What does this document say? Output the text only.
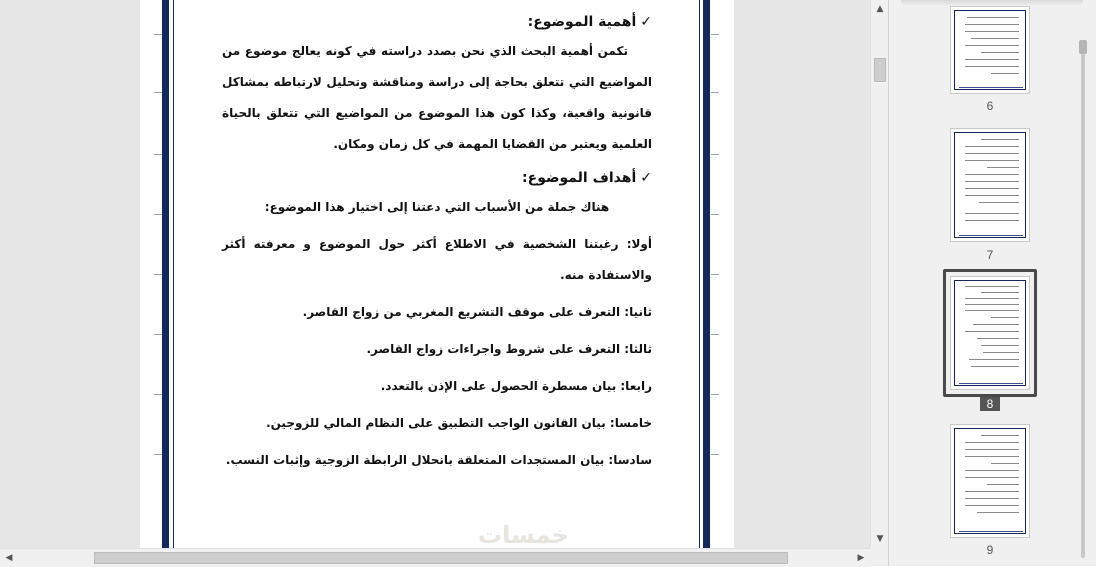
✓
أهمية الموضوع:

تكمن أهمية البحث الذي نحن بصدد دراسته في كونه يعالج موضوع من المواضيع التي تتعلق بحاجة إلى دراسة ومناقشة وتحليل لارتباطه بمشاكل قانونية واقعية، وكذا كون هذا الموضوع من المواضيع التي تتعلق بالحياة العلمية ويعتبر من القضايا المهمة في كل زمان ومكان.

✓
أهداف الموضوع:

هناك جملة من الأسباب التي دعتنا إلى اختيار هذا الموضوع:

أولا: رغبتنا الشخصية في الاطلاع أكثر حول الموضوع و معرفته أكثر والاستفادة منه.

ثانيا: التعرف على موقف التشريع المغربي من زواج القاصر.

ثالثا: التعرف على شروط واجراءات زواج القاصر.

رابعا: بيان مسطرة الحصول على الإذن بالتعدد.

خامسا: بيان القانون الواجب التطبيق على النظام المالي للزوجين.

سادسا: بيان المستجدات المتعلقة بانحلال الرابطة الزوجية وإثبات النسب.

خمسات
▲
▼
◀	▶
6
7
8
9
